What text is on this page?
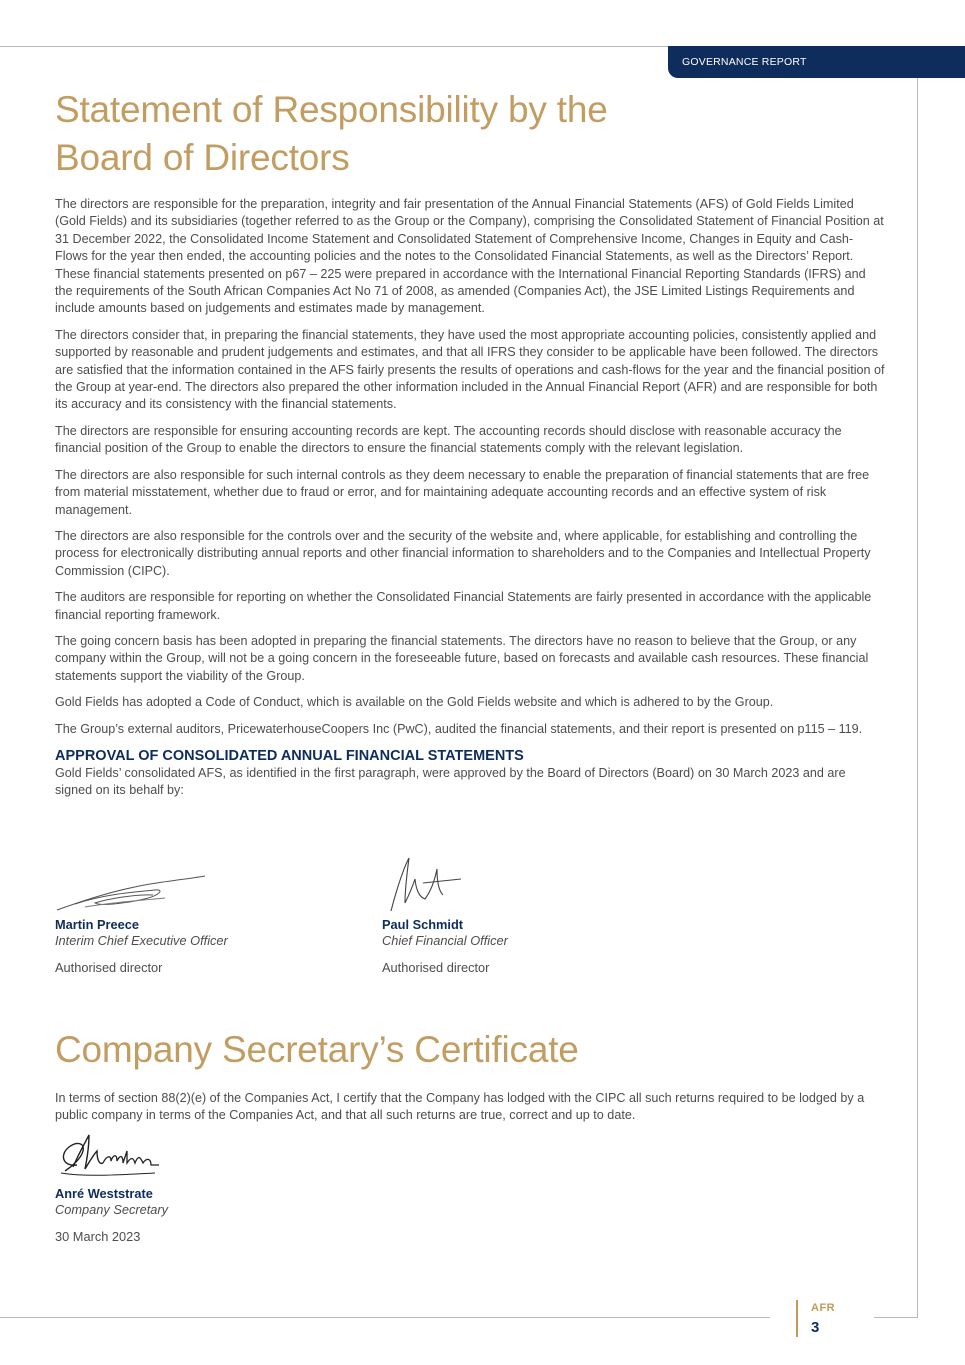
GOVERNANCE REPORT
Statement of Responsibility by the
Board of Directors

The directors are responsible for the preparation, integrity and fair presentation of the Annual Financial Statements (AFS) of Gold Fields Limited (Gold Fields) and its subsidiaries (together referred to as the Group or the Company), comprising the Consolidated Statement of Financial Position at 31 December 2022, the Consolidated Income Statement and Consolidated Statement of Comprehensive Income, Changes in Equity and Cash-Flows for the year then ended, the accounting policies and the notes to the Consolidated Financial Statements, as well as the Directors’ Report. These financial statements presented on p67 – 225 were prepared in accordance with the International Financial Reporting Standards (IFRS) and the requirements of the South African Companies Act No 71 of 2008, as amended (Companies Act), the JSE Limited Listings Requirements and include amounts based on judgements and estimates made by management.

The directors consider that, in preparing the financial statements, they have used the most appropriate accounting policies, consistently applied and supported by reasonable and prudent judgements and estimates, and that all IFRS they consider to be applicable have been followed. The directors are satisfied that the information contained in the AFS fairly presents the results of operations and cash-flows for the year and the financial position of the Group at year-end. The directors also prepared the other information included in the Annual Financial Report (AFR) and are responsible for both its accuracy and its consistency with the financial statements.

The directors are responsible for ensuring accounting records are kept. The accounting records should disclose with reasonable accuracy the financial position of the Group to enable the directors to ensure the financial statements comply with the relevant legislation.

The directors are also responsible for such internal controls as they deem necessary to enable the preparation of financial statements that are free from material misstatement, whether due to fraud or error, and for maintaining adequate accounting records and an effective system of risk management.

The directors are also responsible for the controls over and the security of the website and, where applicable, for establishing and controlling the process for electronically distributing annual reports and other financial information to shareholders and to the Companies and Intellectual Property Commission (CIPC).

The auditors are responsible for reporting on whether the Consolidated Financial Statements are fairly presented in accordance with the applicable financial reporting framework.

The going concern basis has been adopted in preparing the financial statements. The directors have no reason to believe that the Group, or any company within the Group, will not be a going concern in the foreseeable future, based on forecasts and available cash resources. These financial statements support the viability of the Group.

Gold Fields has adopted a Code of Conduct, which is available on the Gold Fields website and which is adhered to by the Group.

The Group’s external auditors, PricewaterhouseCoopers Inc (PwC), audited the financial statements, and their report is presented on p115 – 119.

APPROVAL OF CONSOLIDATED ANNUAL FINANCIAL STATEMENTS

Gold Fields’ consolidated AFS, as identified in the first paragraph, were approved by the Board of Directors (Board) on 30 March 2023 and are signed on its behalf by:

Martin Preece
Interim Chief Executive Officer
Authorised director
Paul Schmidt
Chief Financial Officer
Authorised director
Company Secretary’s Certificate

In terms of section 88(2)(e) of the Companies Act, I certify that the Company has lodged with the CIPC all such returns required to be lodged by a public company in terms of the Companies Act, and that all such returns are true, correct and up to date.

Anré Weststrate
Company Secretary
30 March 2023
AFR
3
